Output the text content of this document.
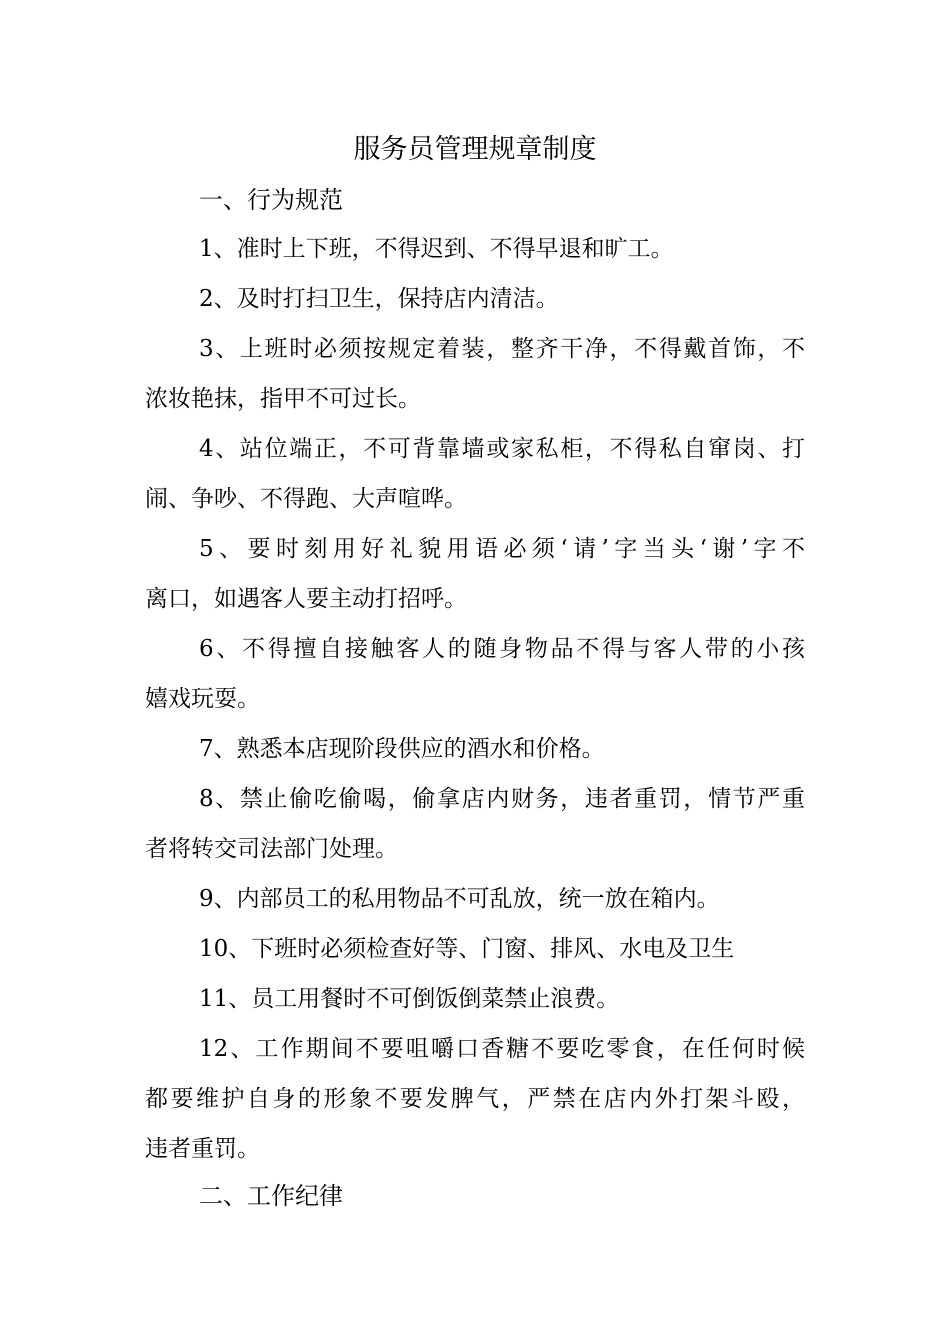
服务员管理规章制度
一、行为规范
1、准时上下班，不得迟到、不得早退和旷工。
2、及时打扫卫生，保持店内清洁。
3、上班时必须按规定着装，整齐干净，不得戴首饰，不
浓妆艳抹，指甲不可过长。
4、站位端正，不可背靠墙或家私柜，不得私自窜岗、打
闹、争吵、不得跑、大声喧哗。
5、要时刻用好礼貌用语必须‘请’字当头‘谢’字不
离口，如遇客人要主动打招呼。
6、不得擅自接触客人的随身物品不得与客人带的小孩
嬉戏玩耍。
7、熟悉本店现阶段供应的酒水和价格。
8、禁止偷吃偷喝，偷拿店内财务，违者重罚，情节严重
者将转交司法部门处理。
9、内部员工的私用物品不可乱放，统一放在箱内。
10、下班时必须检查好等、门窗、排风、水电及卫生
11、员工用餐时不可倒饭倒菜禁止浪费。
12、工作期间不要咀嚼口香糖不要吃零食，在任何时候
都要维护自身的形象不要发脾气，严禁在店内外打架斗殴，
违者重罚。
二、工作纪律
